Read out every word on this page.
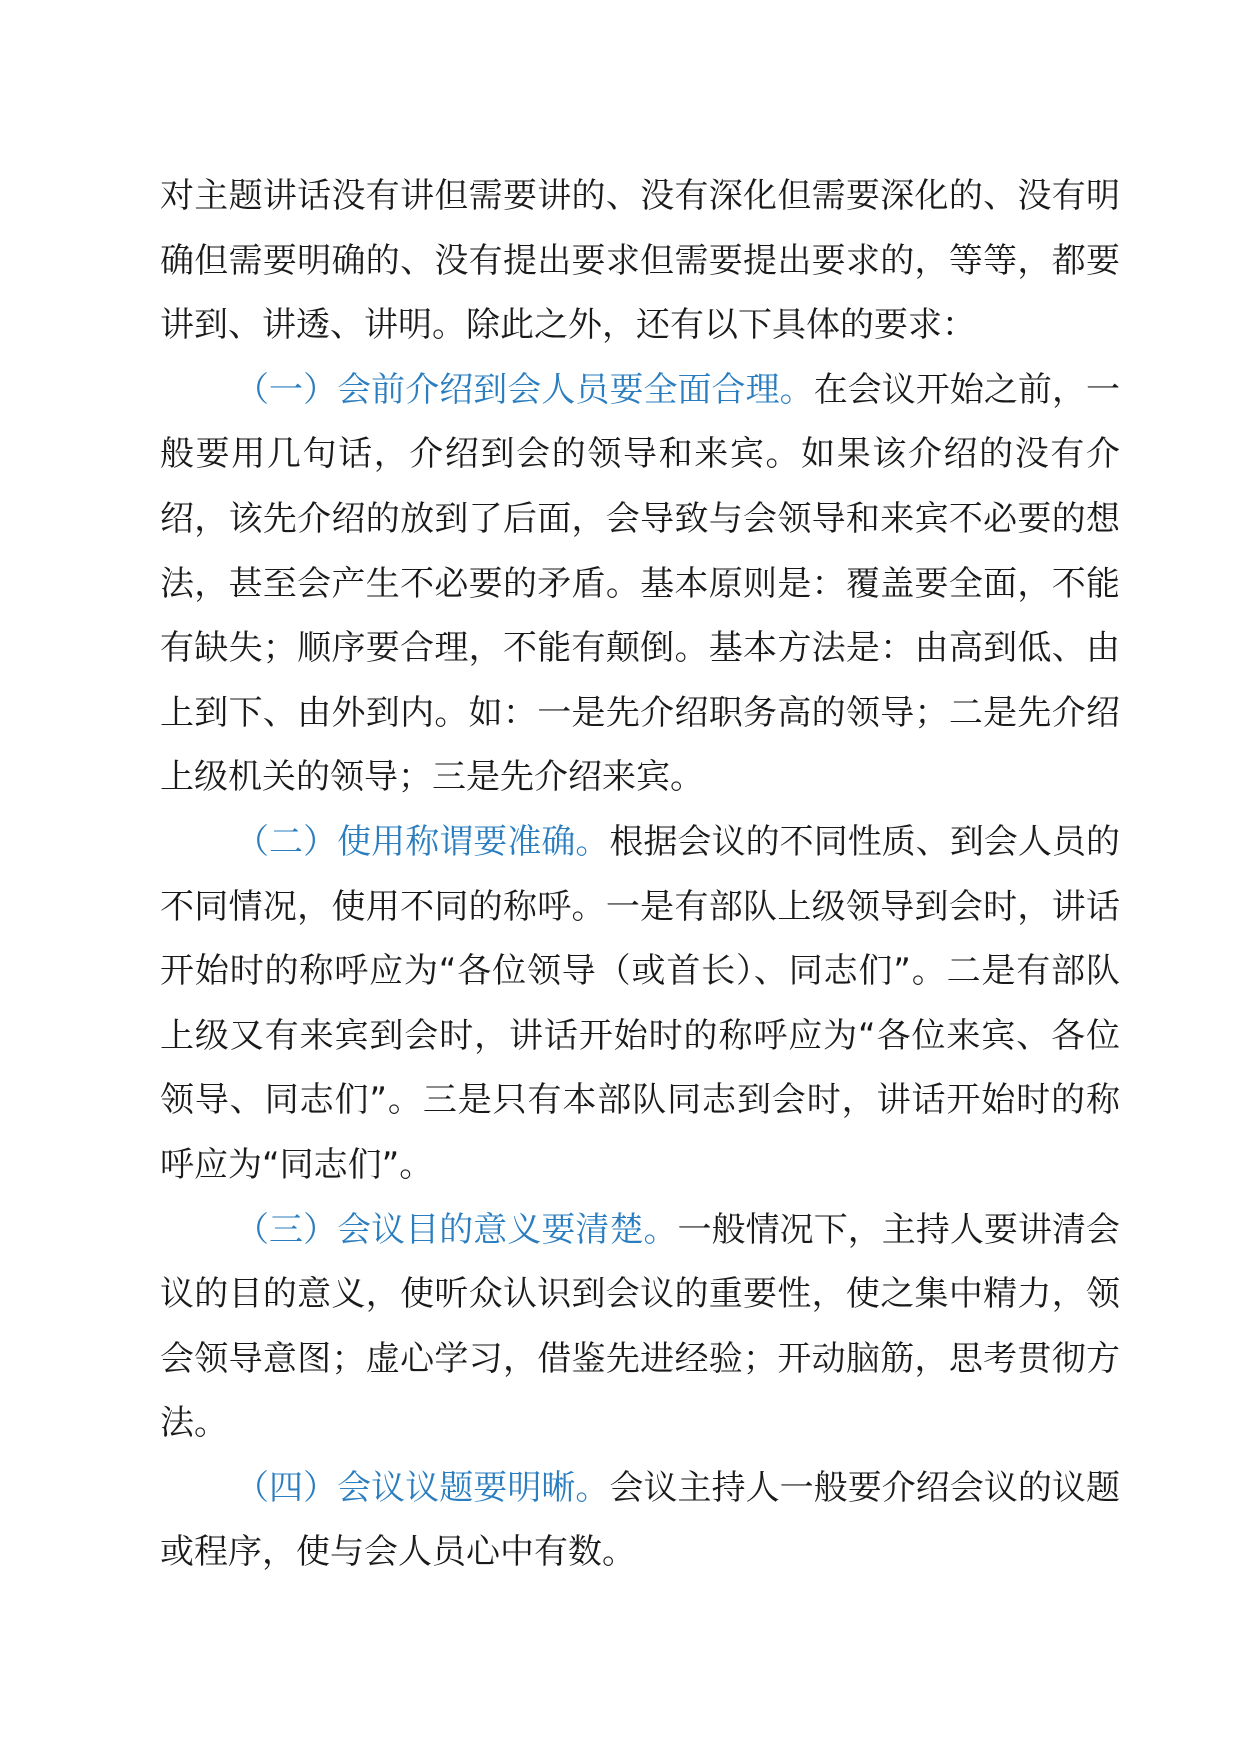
对主题讲话没有讲但需要讲的、没有深化但需要深化的、没有明确但需要明确的、没有提出要求但需要提出要求的，等等，都要讲到、讲透、讲明。除此之外，还有以下具体的要求：

（一）会前介绍到会人员要全面合理。在会议开始之前，一般要用几句话，介绍到会的领导和来宾。如果该介绍的没有介绍，该先介绍的放到了后面，会导致与会领导和来宾不必要的想法，甚至会产生不必要的矛盾。基本原则是：覆盖要全面，不能有缺失；顺序要合理，不能有颠倒。基本方法是：由高到低、由上到下、由外到内。如：一是先介绍职务高的领导；二是先介绍上级机关的领导；三是先介绍来宾。

（二）使用称谓要准确。根据会议的不同性质、到会人员的不同情况，使用不同的称呼。一是有部队上级领导到会时，讲话开始时的称呼应为“各位领导（或首长）、同志们”。二是有部队上级又有来宾到会时，讲话开始时的称呼应为“各位来宾、各位领导、同志们”。三是只有本部队同志到会时，讲话开始时的称呼应为“同志们”。

（三）会议目的意义要清楚。一般情况下，主持人要讲清会议的目的意义，使听众认识到会议的重要性，使之集中精力，领会领导意图；虚心学习，借鉴先进经验；开动脑筋，思考贯彻方法。

（四）会议议题要明晰。会议主持人一般要介绍会议的议题或程序，使与会人员心中有数。
